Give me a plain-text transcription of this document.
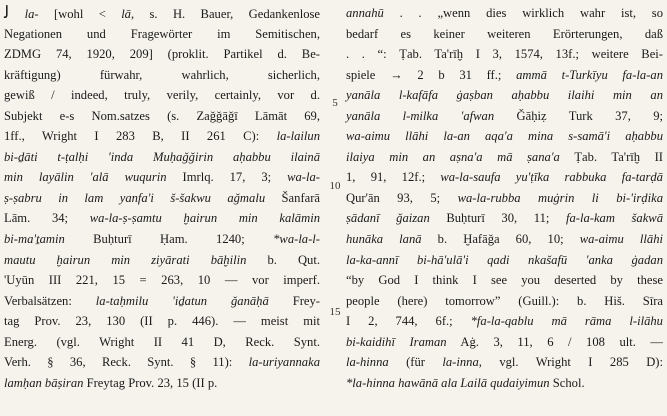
ﻟ la- [wohl < lā, s. H. Bauer, Gedankenlose
Negationen und Fragewörter im Semitischen,
ZDMG 74, 1920, 209] (proklit. Partikel d. Be-
kräftigung) fürwahr, wahrlich, sicherlich,
gewiß / indeed, truly, verily, certainly, vor d.
Subjekt e-s Nom.satzes (s. Zaǧǧāǧī Lāmāt 69,
1ff., Wright I 283 B, II 261 C): la-lailun
bi-ḏāti t-ṭalḥi 'inda Muḥaǧǧirin aḥabbu ilainā
min layālin 'alā wuqurin Imrlq. 17, 3; wa-la-
ṣ-ṣabru in lam yanfa'i š-šakwu aǧmalu Šanfarā
Lām. 34; wa-la-ṣ-ṣamtu ḫairun min kalāmin
bi-ma'ṯamin Buḥturī Ḥam. 1240; *wa-la-l-
mautu ḫairun min ziyārati bāḫilin b. Qut.
'Uyūn III 221, 15 = 263, 10 ― vor imperf.
Verbalsätzen: la-taḥmilu 'iḏatun ǧanāḥā Frey-
tag Prov. 23, 130 (II p. 446). — meist mit
Energ. (vgl. Wright II 41 D, Reck. Synt.
Verh. § 36, Reck. Synt. § 11): la-uriyannaka
lamḥan bāṣiran Freytag Prov. 23, 15 (II p.
5
10
15
annahū . . „wenn dies wirklich wahr ist, so
bedarf es keiner weiteren Erörterungen, daß
. . “: Ṭab. Ta'rīḫ I 3, 1574, 13f.; weitere Bei-
spiele → 2 b 31 ff.; ammā t-Turkīyu fa-la-an
yanāla l-kafāfa ġaṣban aḥabbu ilaihi min an
yanāla l-milka 'afwan Ǧāḥiẓ Turk 37, 9;
wa-aimu llāhi la-an aqa'a mina s-samā'i aḥabbu
ilaiya min an aṣna'a mā ṣana'a Ṭab. Ta'rīḫ II
1, 91, 12f.; wa-la-saufa yu'ṭīka rabbuka fa-tarḍā
Qur'ān 93, 5; wa-la-rubba muġrin li bi-'irḍika
ṣādanī ǧaizan Buḥturī 30, 11; fa-la-kam šakwā
hunāka lanā b. Ḫafāǧa 60, 10; wa-aimu llāhi
la-ka-annī bi-hā'ulā'i qadi nkašafū 'anka ġadan
“by God I think I see you deserted by these
people (here) tomorrow” (Guill.): b. Hiš. Sīra
I 2, 744, 6f.; *fa-la-qablu mā rāma l-ilāhu
bi-kaidihī Iraman Aġ. 3, 11, 6 / 108 ult. —
la-hinna (für la-inna, vgl. Wright I 285 D):
*la-hinna hawānā ala Lailā qudaiyimun Schol.
